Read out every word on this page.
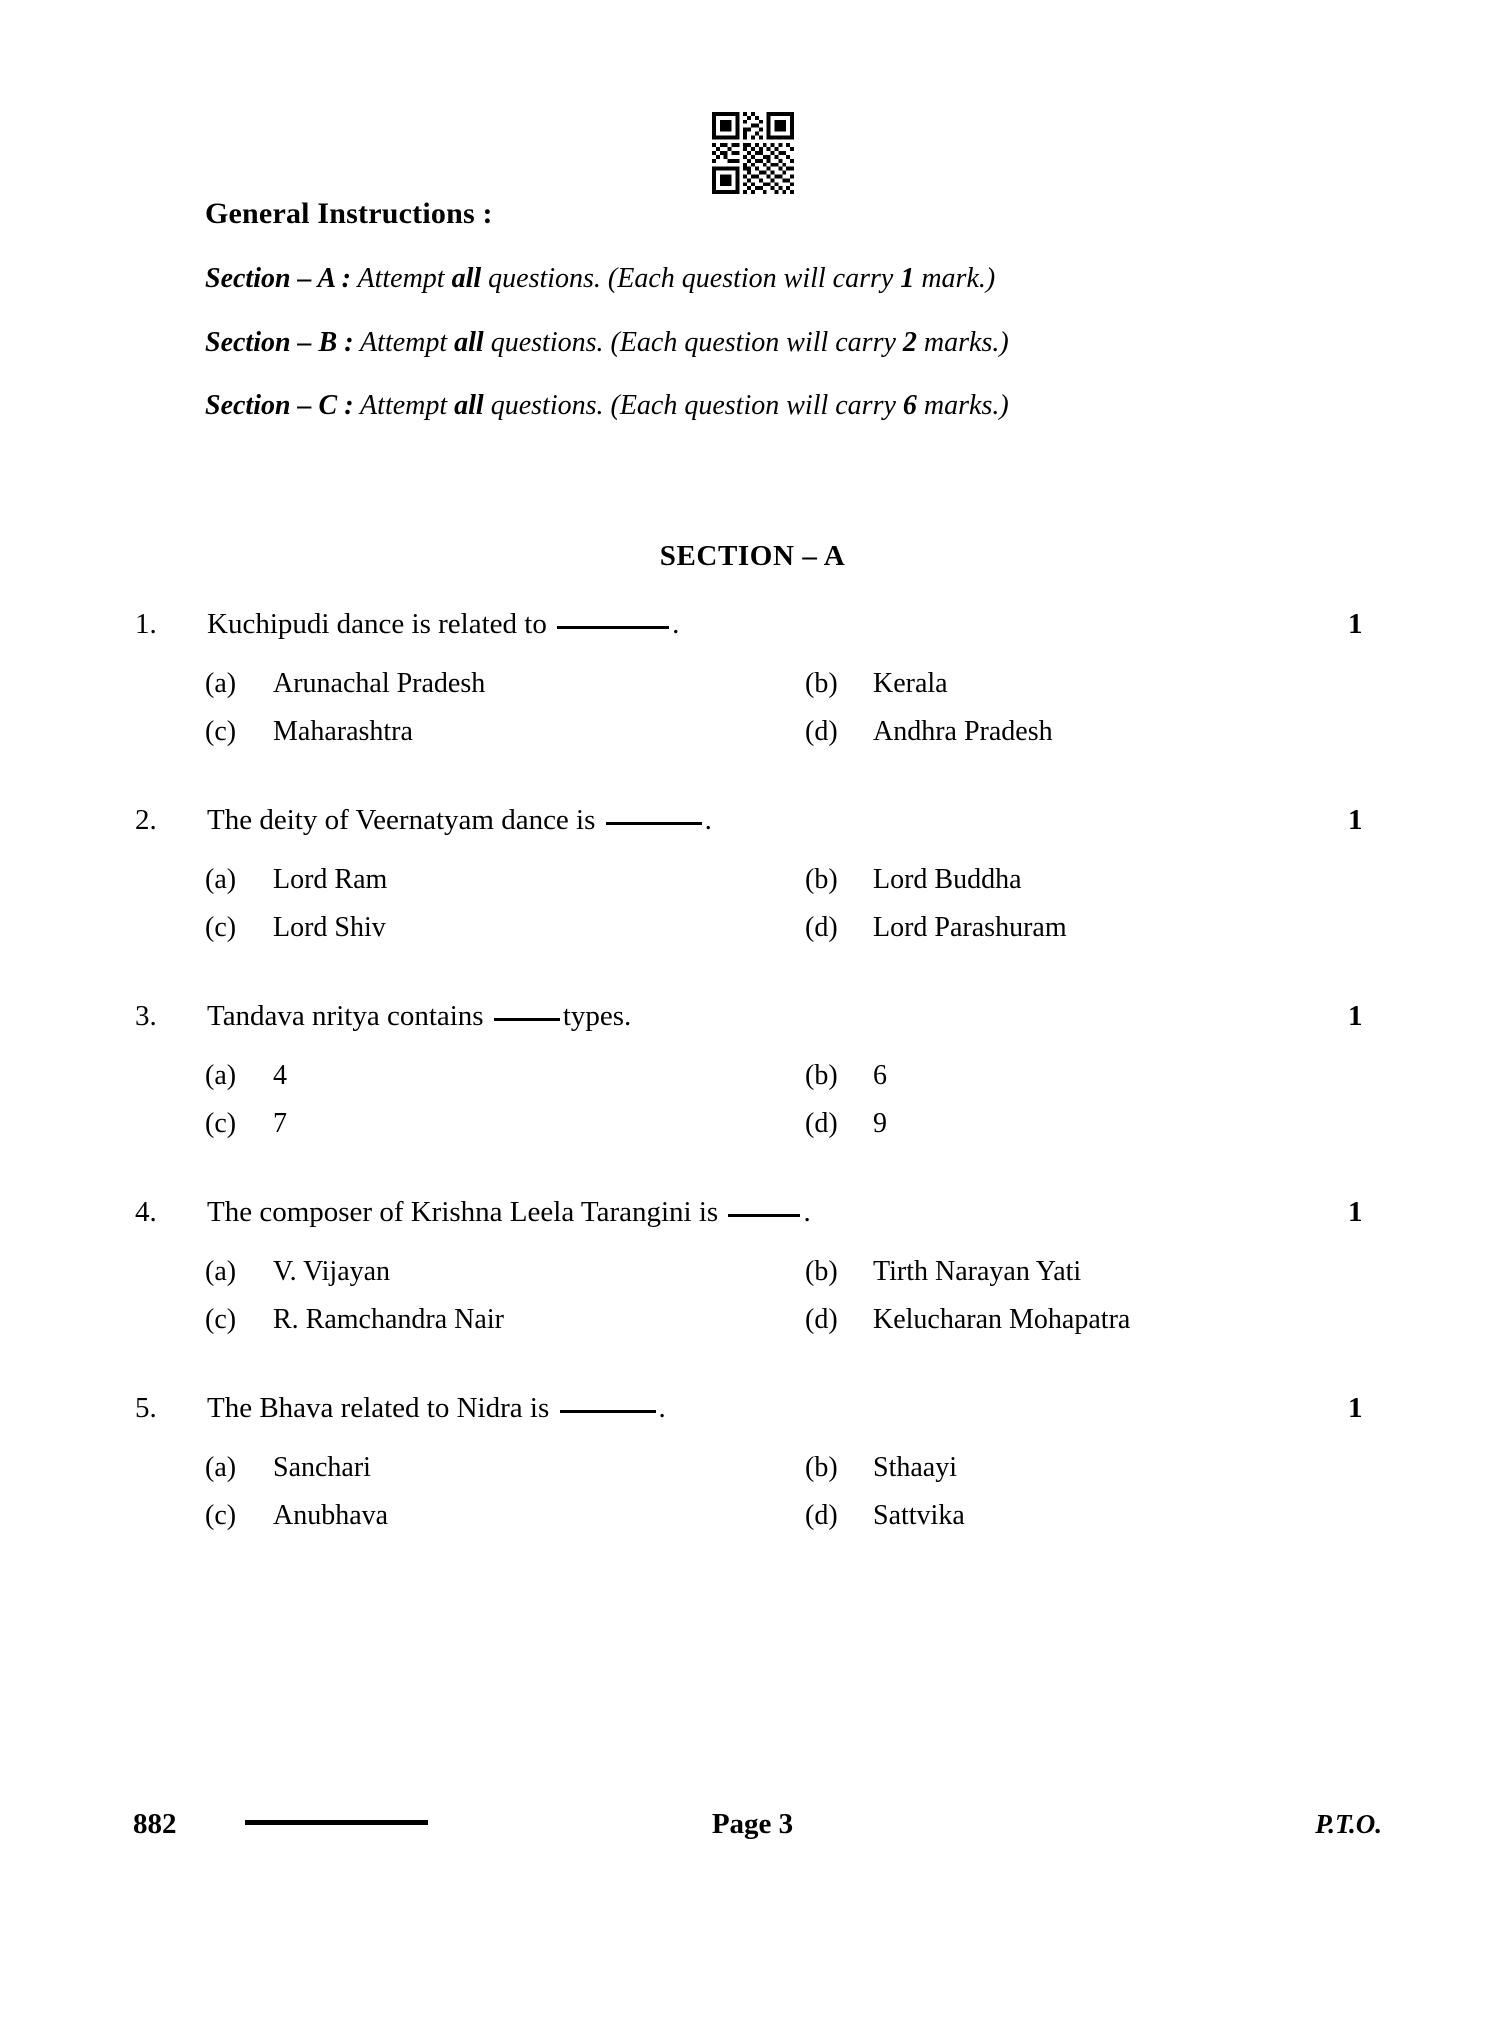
General Instructions :
Section – A : Attempt all questions. (Each question will carry 1 mark.)
Section – B : Attempt all questions. (Each question will carry 2 marks.)
Section – C : Attempt all questions. (Each question will carry 6 marks.)
SECTION – A
1.	Kuchipudi dance is related to	.	1
(a) Arunachal Pradesh	(b) Kerala
(c) Maharashtra	(d) Andhra Pradesh
2.	The deity of Veernatyam dance is	.	1
(a) Lord Ram	(b) Lord Buddha
(c) Lord Shiv	(d) Lord Parashuram
3.	Tandava nritya contains	types.	1
(a) 4	(b) 6
(c) 7	(d) 9
4.	The composer of Krishna Leela Tarangini is	.	1
(a) V. Vijayan	(b) Tirth Narayan Yati
(c) R. Ramchandra Nair	(d) Kelucharan Mohapatra
5.	The Bhava related to Nidra is	.	1
(a) Sanchari	(b) Sthaayi
(c) Anubhava	(d) Sattvika
882	Page 3	P.T.O.
